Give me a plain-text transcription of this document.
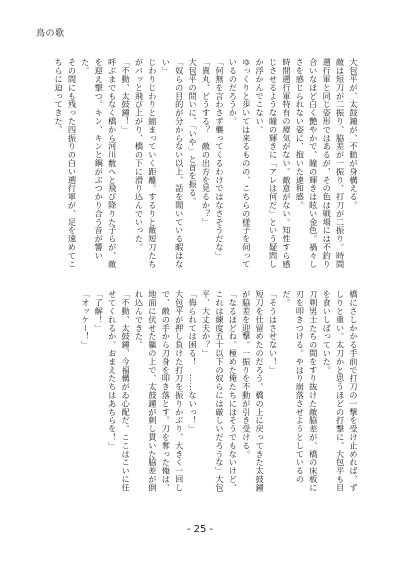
鳥の歌

大包平が、太鼓鐘が、不動が身構える。

敵は短刀が二振り、脇差が一振り、打刀が二振り。時間遡行軍と同じ姿形ではあるが、その色は戦場には不釣り合いなほど白く艶やかで、瞳の輝きは眩い金色。禍々しさを感じられない姿に、抱いた違和感。

時間遡行軍特有の瘴気がない。敵意がない。知性すら感じさせるような瞳の輝きに「アレは何だ」という疑問しか浮かんでこない。

ゆっくりと歩いては来るものの、こちらの様子を伺っているのだろうか。

「何無を言わさず襲ってくるわけではなさそうだな」

「貴丸、どうする？　敵の出方を見るか？」

大包平の問いに、「いや」と首を振る。

「奴らの目的が分からない以上、話を聞いている暇はない」

じわりじわりと縮まっていく距離。するりと敵短刀たちがバッと飛び上がり、橋の下に滑り込んでいった。

「不動、太鼓鐘！」

呼ぶまでもなく橋から河川敷へと飛び降りた子らが、敵を迎え撃つ。キン、キンと鋼がぶつかり合う音が響いた。

その間にも残った四振りの白い遡行軍が、足を速めてこちらに迫ってきた。

橋にさしかかる手前で打刀の一撃を受け止めれば、ずしりと重い。太刀かと思うほどの打撃に、大包平も目を食いしばっていた。

刀剣男士たちの間をすり抜けた敵脇差が、橋の床板に刃を叩きつける。やはり崩落させようとしているのだ。

「そうはさせない！」

短刀を仕留めたのだろう。橋の上に戻ってきた太鼓鐘が脇差を迎撃。一振りを不動が引き受ける。

「なるほどね。極めた俺たちにはそうでもないけど、これは練度五十以下の奴らには厳しいだろうな」大包平、大丈夫か？」

「侮られては困る！　……ないっ！」

大包平が押し負けた打刀を振りかぶり、大きく一回しで、敵の手から刀身を叩き落とす。刀を奪った俺は、地面に伏せた軀の上で、太鼓鐘が刺し貫いた脇差が倒れ込んできた。

「不動、太鼓鐘、今福構がゐ心配だ。ここはこいに任せてくれるか。おまえたちはあちらを！」

「了解！」

「オッケー！」

- 25 -
